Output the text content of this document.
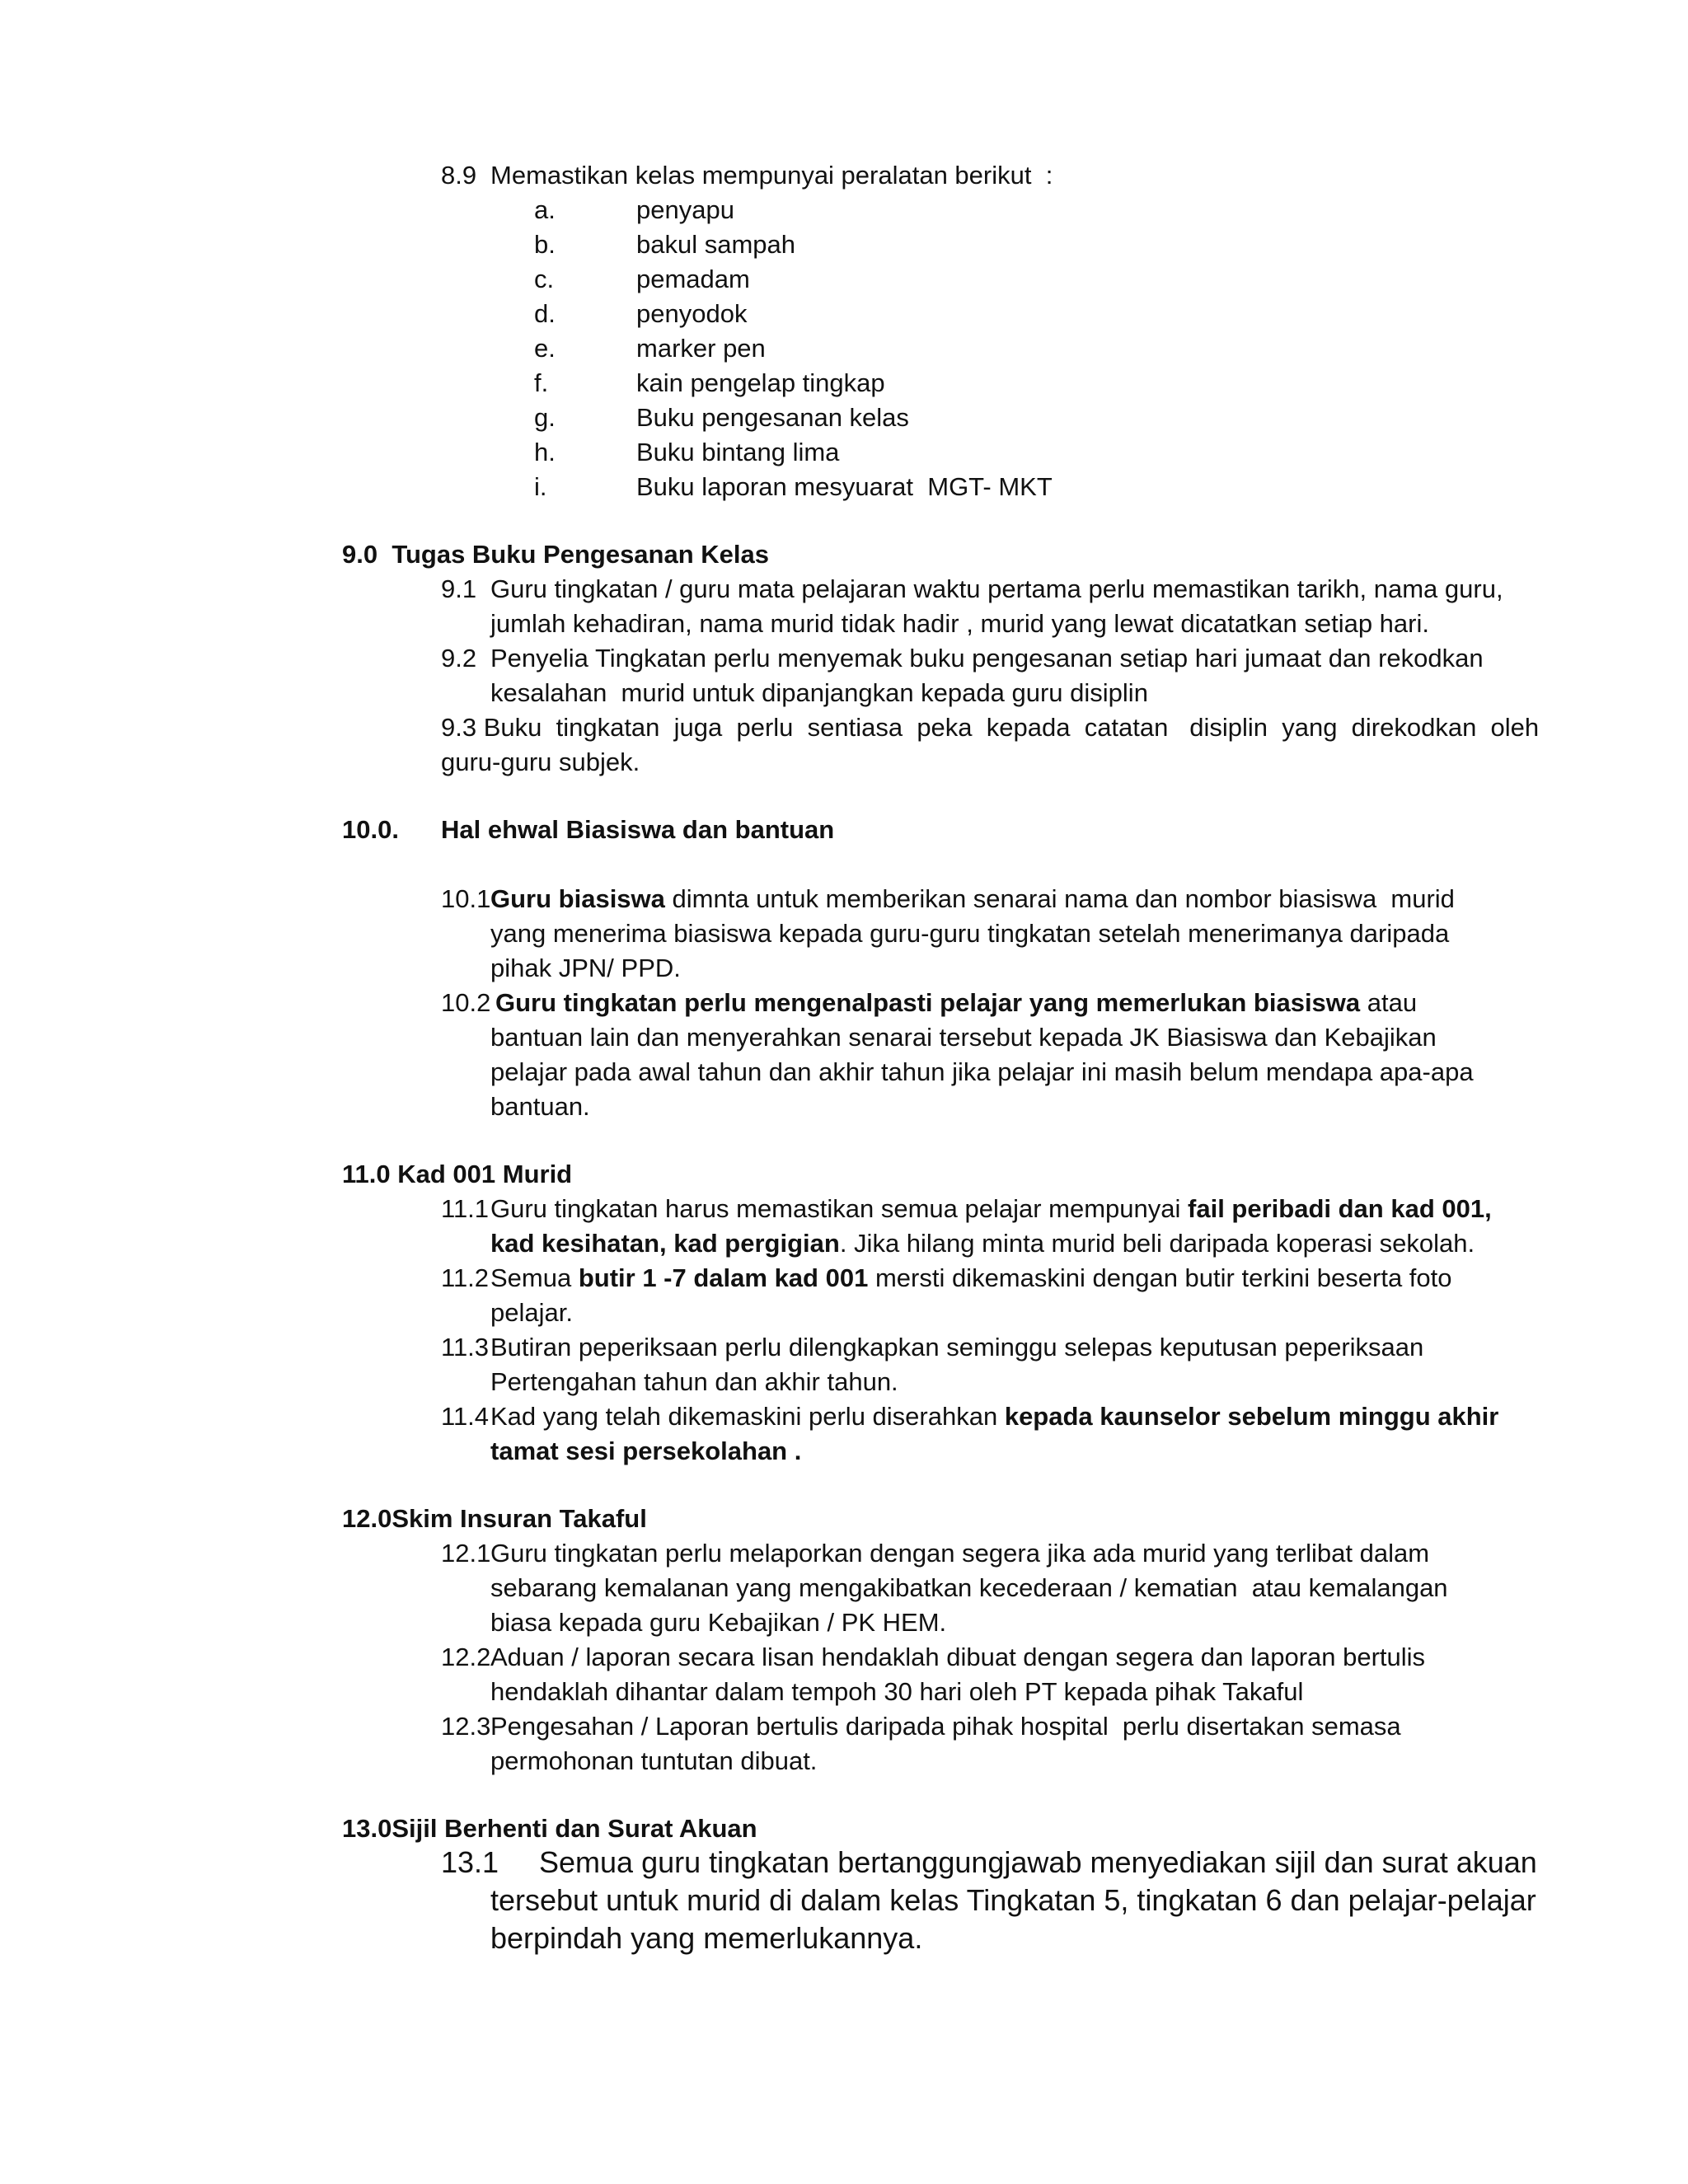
8.9 Memastikan kelas mempunyai peralatan berikut  :
a.	penyapu
b.	bakul sampah
c.	pemadam
d.	penyodok
e.	marker pen
f.	kain pengelap tingkap
g.	Buku pengesanan kelas
h.	Buku bintang lima
i.	Buku laporan mesyuarat  MGT- MKT
9.0  Tugas Buku Pengesanan Kelas
9.1 Guru tingkatan / guru mata pelajaran waktu pertama perlu memastikan tarikh, nama guru,
jumlah kehadiran, nama murid tidak hadir , murid yang lewat dicatatkan setiap hari.
9.2 Penyelia Tingkatan perlu menyemak buku pengesanan setiap hari jumaat dan rekodkan
kesalahan  murid untuk dipanjangkan kepada guru disiplin
9.3 Buku  tingkatan  juga  perlu  sentiasa  peka  kepada  catatan   disiplin  yang  direkodkan  oleh
guru-guru subjek.
10.0. Hal ehwal Biasiswa dan bantuan
10.1 Guru biasiswa dimnta untuk memberikan senarai nama dan nombor biasiswa  murid
yang menerima biasiswa kepada guru-guru tingkatan setelah menerimanya daripada
pihak JPN/ PPD.
10.2 Guru tingkatan perlu mengenalpasti pelajar yang memerlukan biasiswa atau
bantuan lain dan menyerahkan senarai tersebut kepada JK Biasiswa dan Kebajikan
pelajar pada awal tahun dan akhir tahun jika pelajar ini masih belum mendapa apa-apa
bantuan.
11.0 Kad 001 Murid
11.1 Guru tingkatan harus memastikan semua pelajar mempunyai fail peribadi dan kad 001,
kad kesihatan, kad pergigian. Jika hilang minta murid beli daripada koperasi sekolah.
11.2 Semua butir 1 -7 dalam kad 001 mersti dikemaskini dengan butir terkini beserta foto
pelajar.
11.3 Butiran peperiksaan perlu dilengkapkan seminggu selepas keputusan peperiksaan
Pertengahan tahun dan akhir tahun.
11.4 Kad yang telah dikemaskini perlu diserahkan kepada kaunselor sebelum minggu akhir
tamat sesi persekolahan .
12.0Skim Insuran Takaful
12.1 Guru tingkatan perlu melaporkan dengan segera jika ada murid yang terlibat dalam
sebarang kemalanan yang mengakibatkan kecederaan / kematian  atau kemalangan
biasa kepada guru Kebajikan / PK HEM.
12.2 Aduan / laporan secara lisan hendaklah dibuat dengan segera dan laporan bertulis
hendaklah dihantar dalam tempoh 30 hari oleh PT kepada pihak Takaful
12.3 Pengesahan / Laporan bertulis daripada pihak hospital  perlu disertakan semasa
permohonan tuntutan dibuat.
13.0Sijil Berhenti dan Surat Akuan
13.1 Semua guru tingkatan bertanggungjawab menyediakan sijil dan surat akuan
tersebut untuk murid di dalam kelas Tingkatan 5, tingkatan 6 dan pelajar-pelajar
berpindah yang memerlukannya.
